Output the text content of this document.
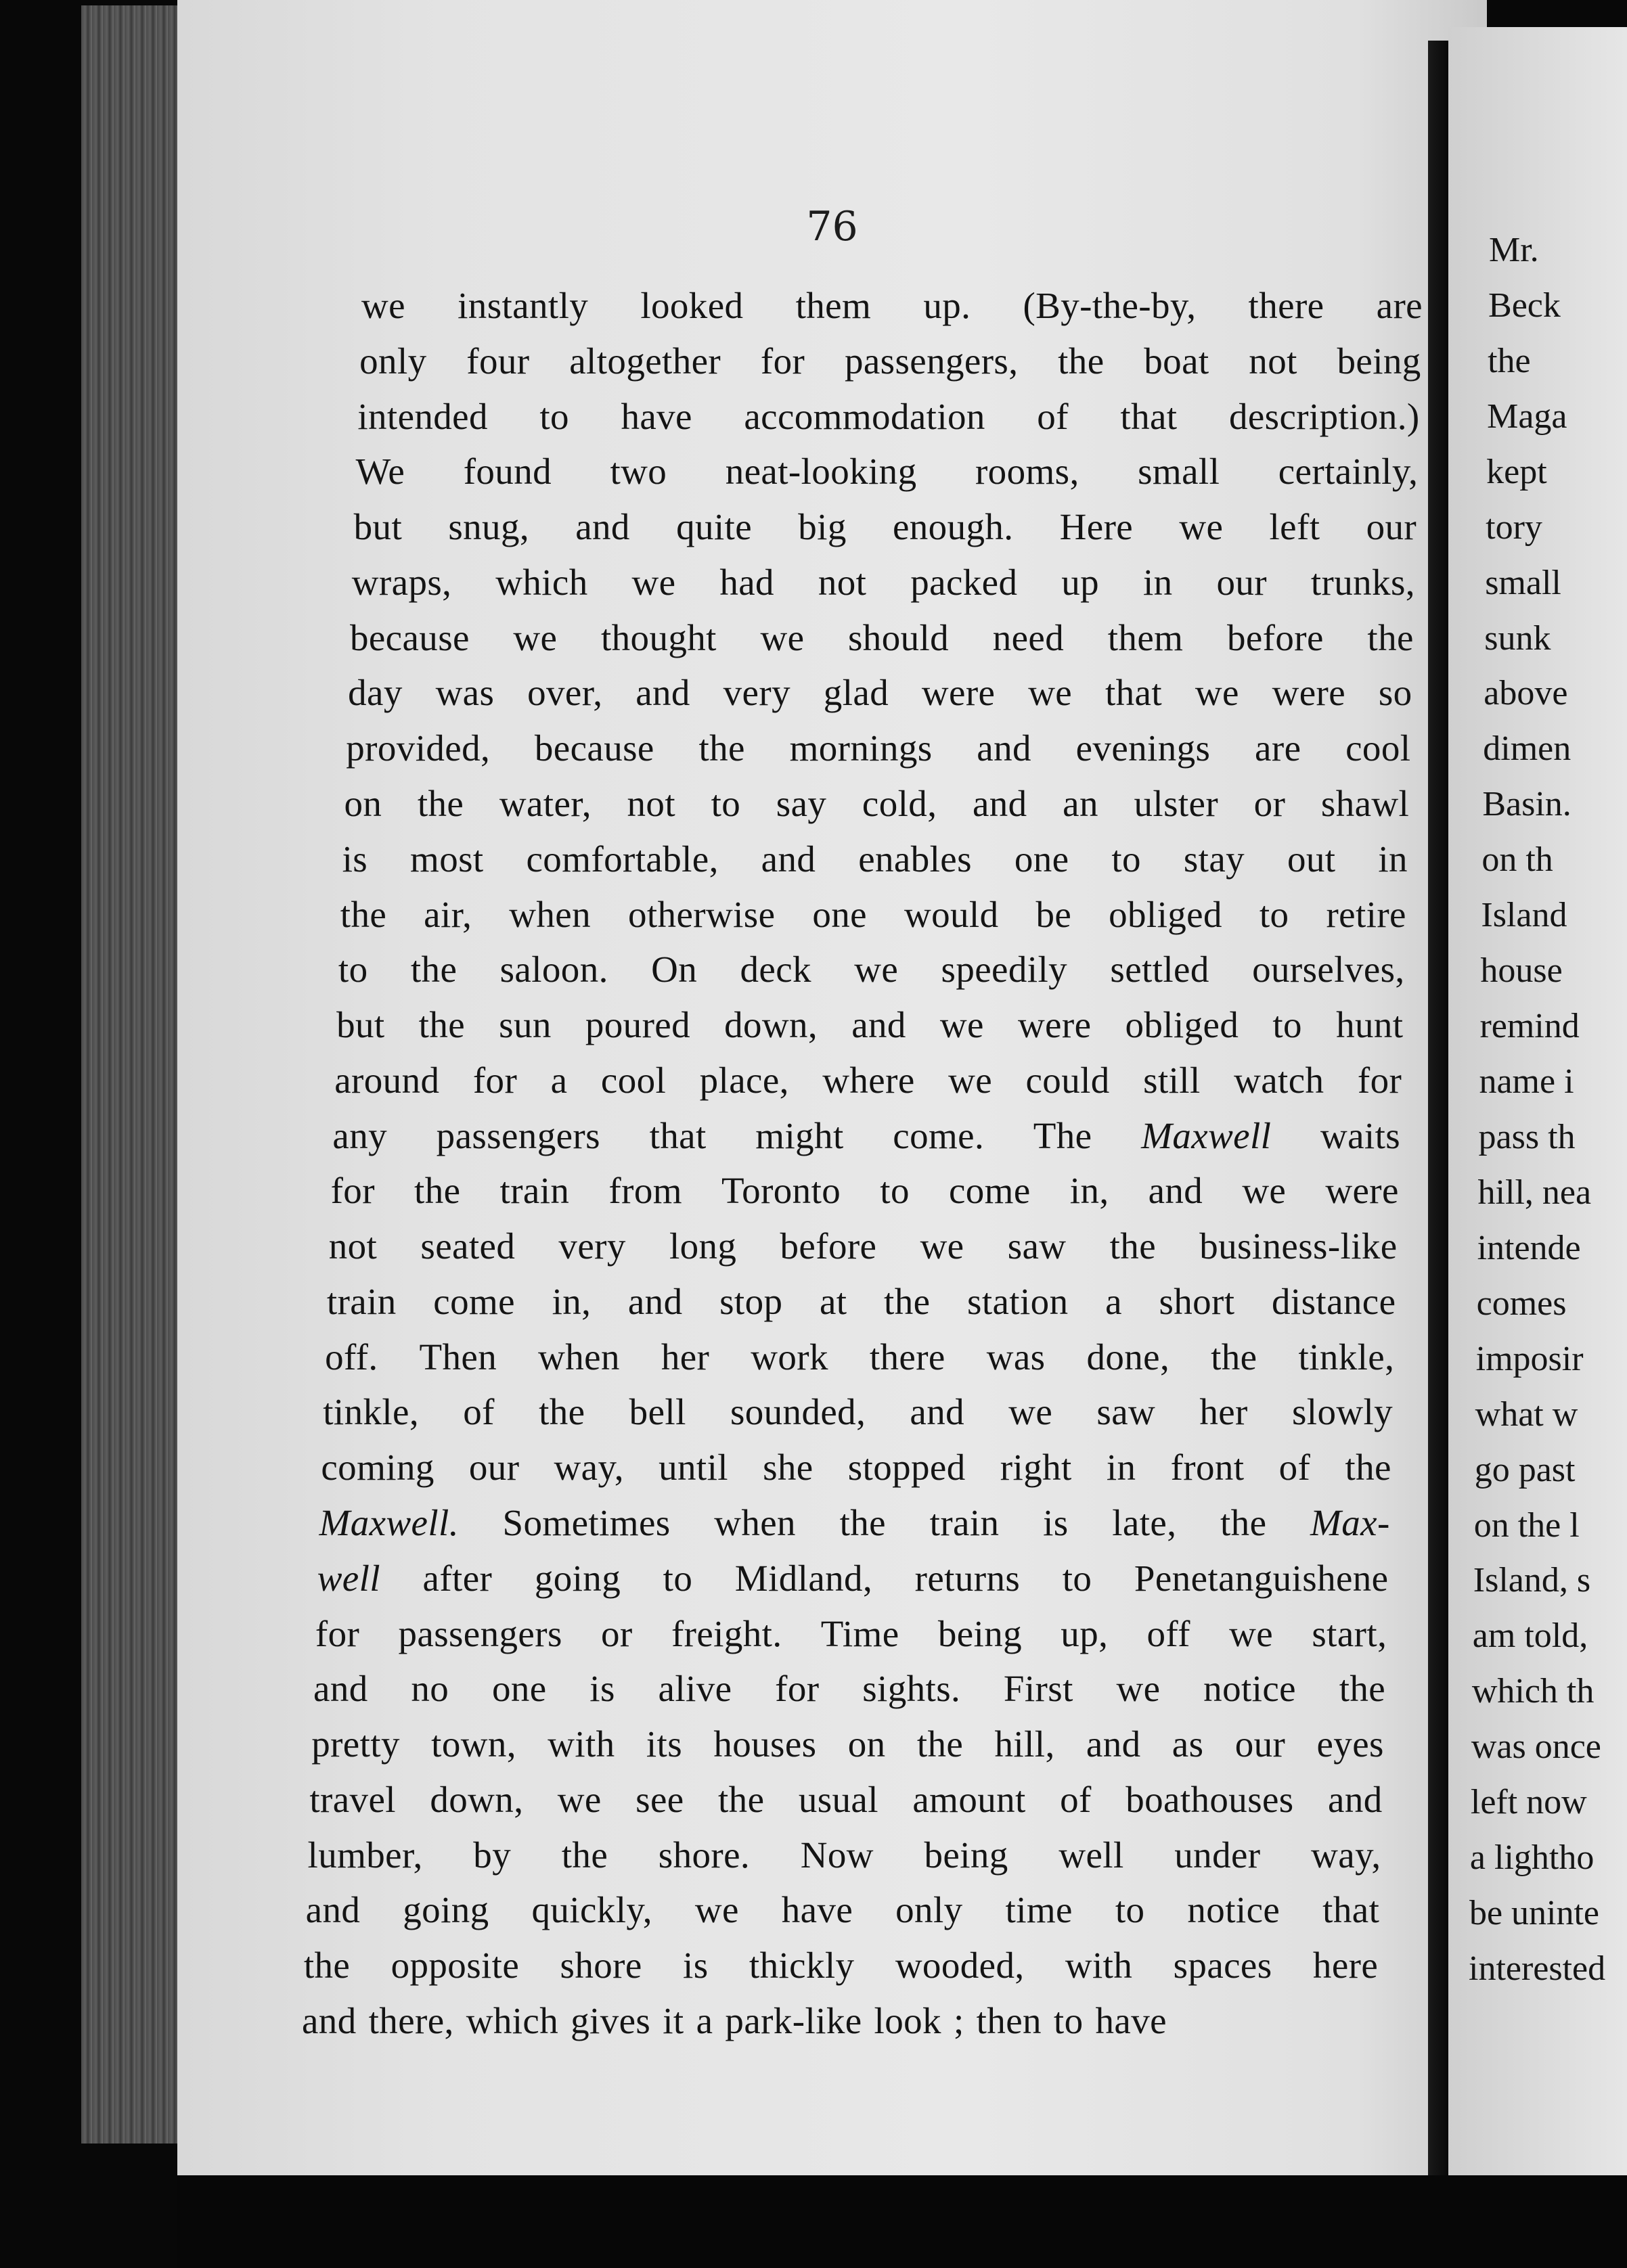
76
we instantly looked them up. (By-the-by, there are
only four altogether for passengers, the boat not being
intended to have accommodation of that description.)
We found two neat-looking rooms, small certainly,
but snug, and quite big enough. Here we left our
wraps, which we had not packed up in our trunks,
because we thought we should need them before the
day was over, and very glad were we that we were so
provided, because the mornings and evenings are cool
on the water, not to say cold, and an ulster or shawl
is most comfortable, and enables one to stay out in
the air, when otherwise one would be obliged to retire
to the saloon. On deck we speedily settled ourselves,
but the sun poured down, and we were obliged to hunt
around for a cool place, where we could still watch for
any passengers that might come. The Maxwell waits
for the train from Toronto to come in, and we were
not seated very long before we saw the business-like
train come in, and stop at the station a short distance
off. Then when her work there was done, the tinkle,
tinkle, of the bell sounded, and we saw her slowly
coming our way, until she stopped right in front of the
Maxwell. Sometimes when the train is late, the Max-
well after going to Midland, returns to Penetanguishene
for passengers or freight. Time being up, off we start,
and no one is alive for sights. First we notice the
pretty town, with its houses on the hill, and as our eyes
travel down, we see the usual amount of boathouses and
lumber, by the shore. Now being well under way,
and going quickly, we have only time to notice that
the opposite shore is thickly wooded, with spaces here
and there, which gives it a park-like look ; then to have
Mr.
Beck
the
Maga
kept
tory
small
sunk
above
dimen
Basin.
on th
Island
house
remind
name i
pass th
hill, nea
intende
comes
imposir
what w
go past
on the l
Island, s
am told,
which th
was once
left now
a lightho
be uninte
interested
